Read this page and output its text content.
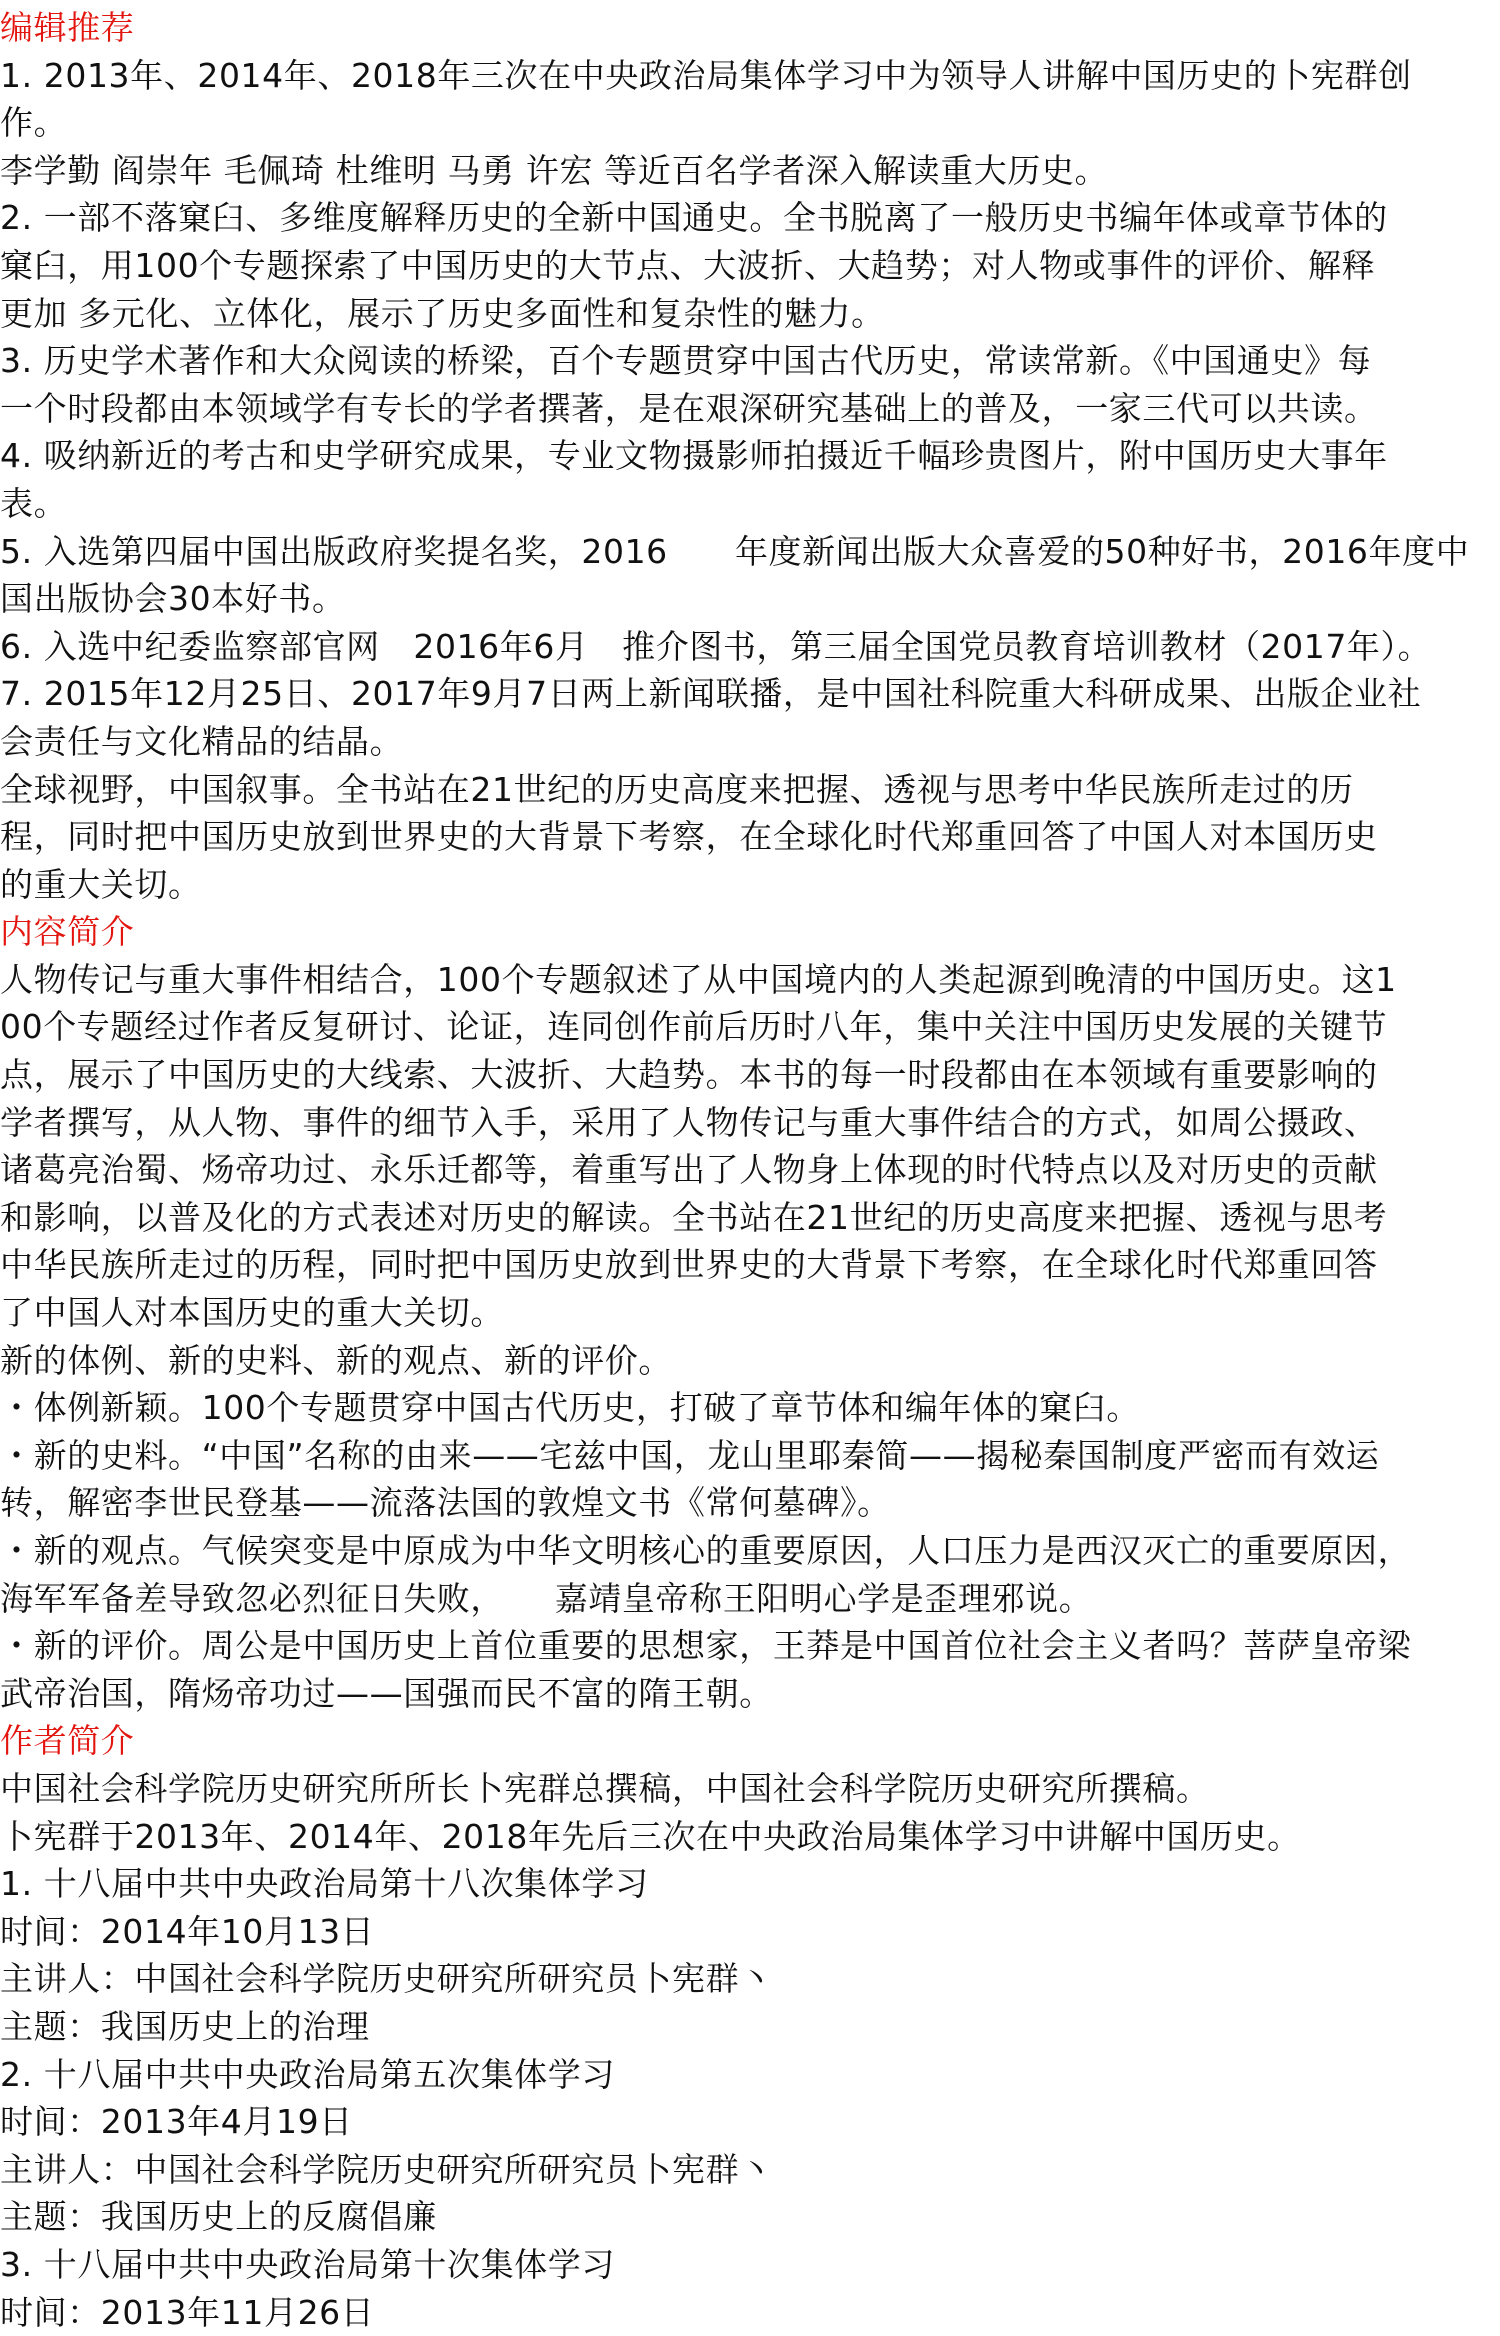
编辑推荐
1. 2013年、2014年、2018年三次在中央政治局集体学习中为领导人讲解中国历史的卜宪群创
作。
李学勤 阎崇年 毛佩琦 杜维明 马勇 许宏 等近百名学者深入解读重大历史。
2. 一部不落窠臼、多维度解释历史的全新中国通史。全书脱离了一般历史书编年体或章节体的
窠臼，用100个专题探索了中国历史的大节点、大波折、大趋势；对人物或事件的评价、解释
更加 多元化、立体化，展示了历史多面性和复杂性的魅力。
3. 历史学术著作和大众阅读的桥梁，百个专题贯穿中国古代历史，常读常新。《中国通史》每
一个时段都由本领域学有专长的学者撰著，是在艰深研究基础上的普及，一家三代可以共读。
4. 吸纳新近的考古和史学研究成果，专业文物摄影师拍摄近千幅珍贵图片，附中国历史大事年
表。
5. 入选第四届中国出版政府奖提名奖，2016　　年度新闻出版大众喜爱的50种好书，2016年度中
国出版协会30本好书。
6. 入选中纪委监察部官网　2016年6月　推介图书，第三届全国党员教育培训教材（2017年）。
7. 2015年12月25日、2017年9月7日两上新闻联播，是中国社科院重大科研成果、出版企业社
会责任与文化精品的结晶。
全球视野，中国叙事。全书站在21世纪的历史高度来把握、透视与思考中华民族所走过的历
程，同时把中国历史放到世界史的大背景下考察，在全球化时代郑重回答了中国人对本国历史
的重大关切。
内容简介
人物传记与重大事件相结合，100个专题叙述了从中国境内的人类起源到晚清的中国历史。这1
00个专题经过作者反复研讨、论证，连同创作前后历时八年，集中关注中国历史发展的关键节
点，展示了中国历史的大线索、大波折、大趋势。本书的每一时段都由在本领域有重要影响的
学者撰写，从人物、事件的细节入手，采用了人物传记与重大事件结合的方式，如周公摄政、
诸葛亮治蜀、炀帝功过、永乐迁都等，着重写出了人物身上体现的时代特点以及对历史的贡献
和影响，以普及化的方式表述对历史的解读。全书站在21世纪的历史高度来把握、透视与思考
中华民族所走过的历程，同时把中国历史放到世界史的大背景下考察，在全球化时代郑重回答
了中国人对本国历史的重大关切。
新的体例、新的史料、新的观点、新的评价。
・体例新颖。100个专题贯穿中国古代历史，打破了章节体和编年体的窠臼。
・新的史料。“中国”名称的由来——宅兹中国，龙山里耶秦简——揭秘秦国制度严密而有效运
转，解密李世民登基——流落法国的敦煌文书《常何墓碑》。
・新的观点。气候突变是中原成为中华文明核心的重要原因，人口压力是西汉灭亡的重要原因，
海军军备差导致忽必烈征日失败，　　嘉靖皇帝称王阳明心学是歪理邪说。
・新的评价。周公是中国历史上首位重要的思想家，王莽是中国首位社会主义者吗？菩萨皇帝梁
武帝治国，隋炀帝功过——国强而民不富的隋王朝。
作者简介
中国社会科学院历史研究所所长卜宪群总撰稿，中国社会科学院历史研究所撰稿。
卜宪群于2013年、2014年、2018年先后三次在中央政治局集体学习中讲解中国历史。
1. 十八届中共中央政治局第十八次集体学习
时间：2014年10月13日
主讲人：中国社会科学院历史研究所研究员卜宪群丶
主题：我国历史上的治理
2. 十八届中共中央政治局第五次集体学习
时间：2013年4月19日
主讲人：中国社会科学院历史研究所研究员卜宪群丶
主题：我国历史上的反腐倡廉
3. 十八届中共中央政治局第十次集体学习
时间：2013年11月26日
